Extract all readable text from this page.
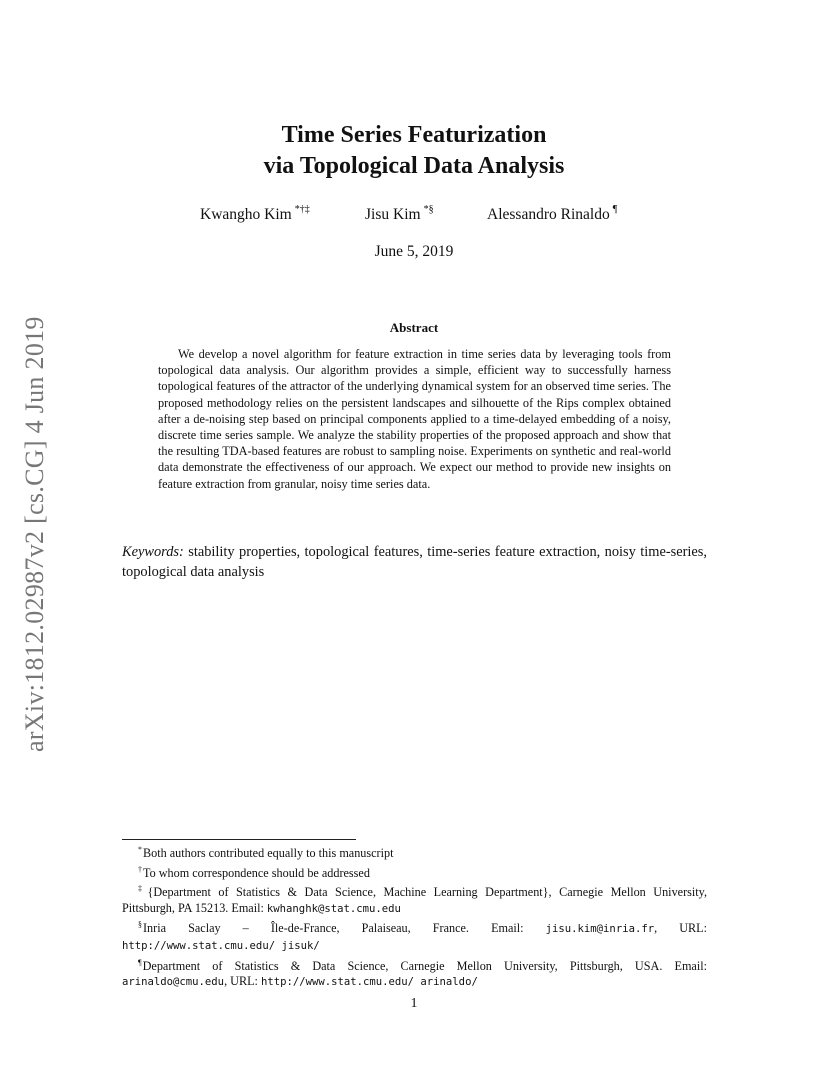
arXiv:1812.02987v2 [cs.CG] 4 Jun 2019
Time Series Featurization
via Topological Data Analysis
Kwangho Kim *†‡	Jisu Kim *§	Alessandro Rinaldo ¶
June 5, 2019
Abstract

We develop a novel algorithm for feature extraction in time series data by leveraging tools from topological data analysis. Our algorithm provides a simple, efficient way to successfully harness topological features of the attractor of the underlying dynamical system for an observed time series. The proposed methodology relies on the persistent landscapes and silhouette of the Rips complex obtained after a de-noising step based on principal components applied to a time-delayed embedding of a noisy, discrete time series sample. We analyze the stability properties of the proposed approach and show that the resulting TDA-based features are robust to sampling noise. Experiments on synthetic and real-world data demonstrate the effectiveness of our approach. We expect our method to provide new insights on feature extraction from granular, noisy time series data.

Keywords: stability properties, topological features, time-series feature extraction, noisy time-series, topological data analysis

*Both authors contributed equally to this manuscript

†To whom correspondence should be addressed

‡{Department of Statistics & Data Science, Machine Learning Department}, Carnegie Mellon University, Pittsburgh, PA 15213. Email: kwhanghk@stat.cmu.edu

§Inria Saclay – Île-de-France, Palaiseau, France. Email: jisu.kim@inria.fr, URL: http://www.stat.cmu.edu/ jisuk/

¶Department of Statistics & Data Science, Carnegie Mellon University, Pittsburgh, USA. Email: arinaldo@cmu.edu, URL: http://www.stat.cmu.edu/ arinaldo/

1
